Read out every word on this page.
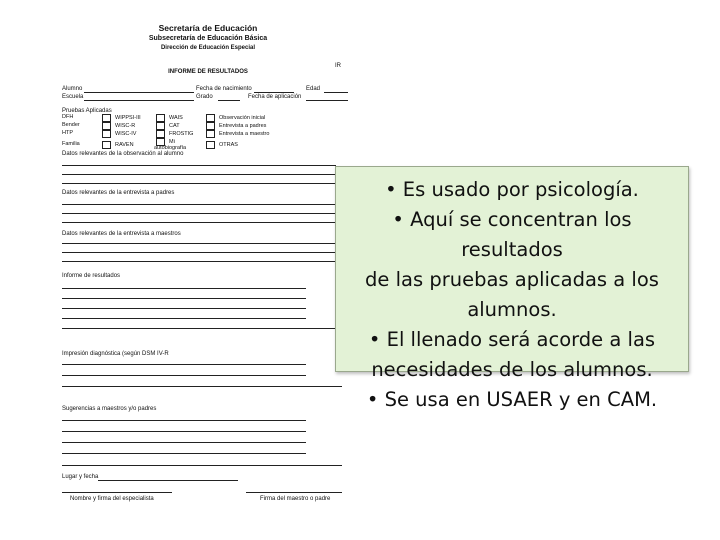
Secretaría de Educación
Subsecretaría de Educación Básica
Dirección de Educación Especial
IR
INFORME DE RESULTADOS
Alumno	Fecha de nacimiento	Edad
Escuela	Grado	Fecha de aplicación
Pruebas Aplicadas
DFH	WIPPSI-III	WAIS	Observación inicial
Bender	WISC-R	CAT	Entrevista a padres
HTP	WISC-IV	FROSTIG	Entrevista a maestro
Familia	RAVEN	Mi autobiografía	OTRAS
Datos relevantes de la observación al alumno
Datos relevantes de la entrevista a padres
Datos relevantes de la entrevista a maestros
Informe de resultados
Impresión diagnóstica (según DSM IV-R
Sugerencias a maestros y/o padres
Lugar y fecha
Nombre y firma del especialista	Firma del maestro o padre

• Es usado por psicología.

• Aquí se concentran los resultados

de las pruebas aplicadas a los

alumnos.

• El llenado será acorde a las

necesidades de los alumnos.

• Se usa en USAER y en CAM.
